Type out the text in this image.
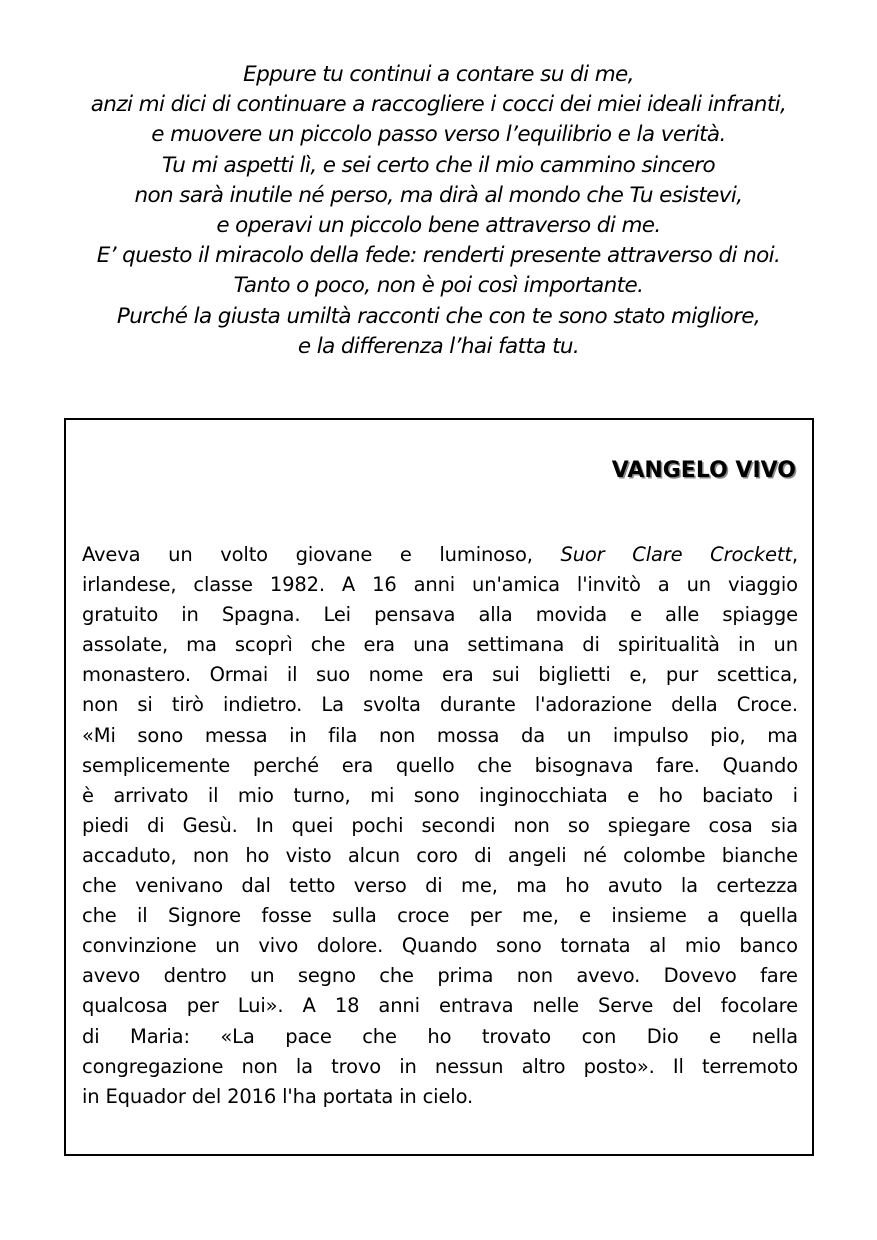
Eppure tu continui a contare su di me,
anzi mi dici di continuare a raccogliere i cocci dei miei ideali infranti,
e muovere un piccolo passo verso l’equilibrio e la verità.
Tu mi aspetti lì, e sei certo che il mio cammino sincero
non sarà inutile né perso, ma dirà al mondo che Tu esistevi,
e operavi un piccolo bene attraverso di me.
E’ questo il miracolo della fede: renderti presente attraverso di noi.
Tanto o poco, non è poi così importante.
Purché la giusta umiltà racconti che con te sono stato migliore,
e la differenza l’hai fatta tu.
VANGELO VIVO
Aveva un volto giovane e luminoso, Suor Clare Crockett,
irlandese, classe 1982. A 16 anni un'amica l'invitò a un viaggio
gratuito in Spagna. Lei pensava alla movida e alle spiagge
assolate, ma scoprì che era una settimana di spiritualità in un
monastero. Ormai il suo nome era sui biglietti e, pur scettica,
non si tirò indietro. La svolta durante l'adorazione della Croce.
«Mi sono messa in fila non mossa da un impulso pio, ma
semplicemente perché era quello che bisognava fare. Quando
è arrivato il mio turno, mi sono inginocchiata e ho baciato i
piedi di Gesù. In quei pochi secondi non so spiegare cosa sia
accaduto, non ho visto alcun coro di angeli né colombe bianche
che venivano dal tetto verso di me, ma ho avuto la certezza
che il Signore fosse sulla croce per me, e insieme a quella
convinzione un vivo dolore. Quando sono tornata al mio banco
avevo dentro un segno che prima non avevo. Dovevo fare
qualcosa per Lui». A 18 anni entrava nelle Serve del focolare
di Maria: «La pace che ho trovato con Dio e nella
congregazione non la trovo in nessun altro posto». Il terremoto
in Equador del 2016 l'ha portata in cielo.
